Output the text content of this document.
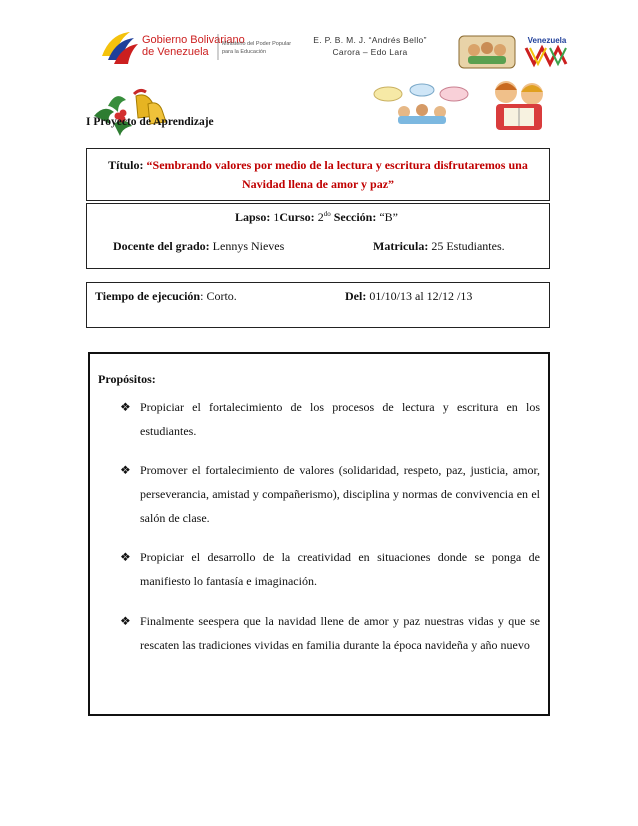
Gobierno Bolivariano
de Venezuela
Ministerio del Poder Popular
para la Educación
E. P. B. M. J. “Andrés Bello”
Carora – Edo Lara
Venezuela
I Proyecto de Aprendizaje
Título: “Sembrando valores por medio de la lectura y escritura disfrutaremos una
Navidad llena de amor y paz”
Lapso: 1Curso: $2^{do}$ Sección: “B”
Docente del grado: Lennys Nieves	Matricula: 25 Estudiantes.
Tiempo de ejecución: Corto.	Del: 01/10/13 al 12/12 /13
Propósitos:
❖ Propiciar el fortalecimiento de los procesos de lectura y escritura en los estudiantes.
❖ Promover el fortalecimiento de valores (solidaridad, respeto, paz, justicia, amor, perseverancia, amistad y compañerismo), disciplina y normas de convivencia en el salón de clase.
❖ Propiciar el desarrollo de la creatividad en situaciones donde se ponga de manifiesto lo fantasía e imaginación.
❖ Finalmente seespera que la navidad llene de amor y paz nuestras vidas y que se rescaten las tradiciones vividas en familia durante la época navideña y año nuevo
